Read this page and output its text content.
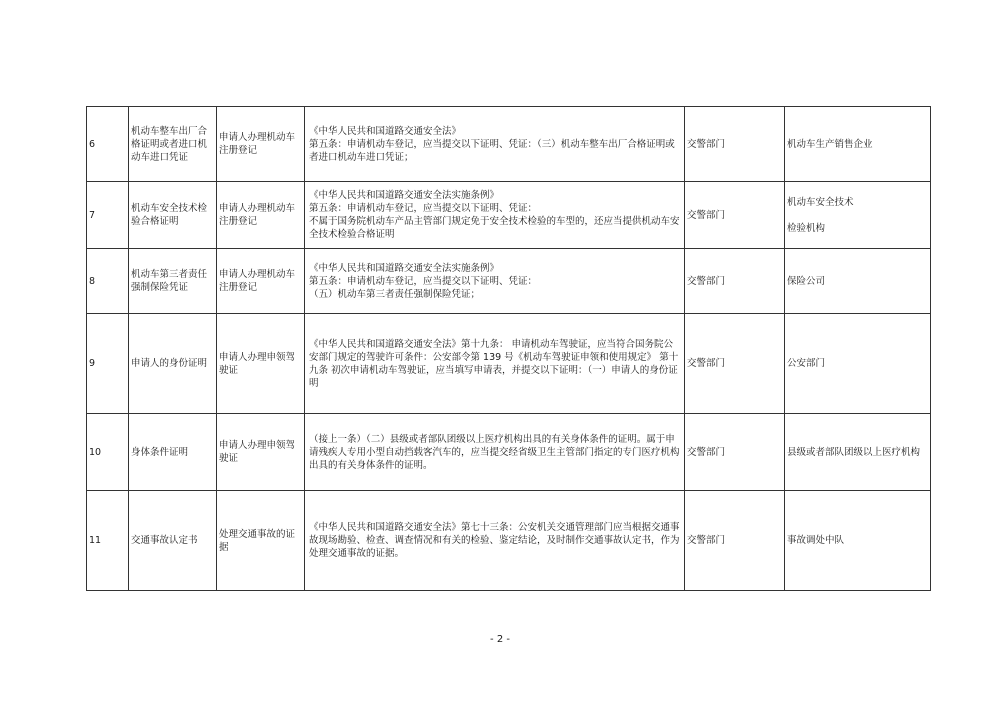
6	机动车整车出厂合格证明或者进口机动车进口凭证	申请人办理机动车注册登记	《中华人民共和国道路交通安全法》
第五条：申请机动车登记，应当提交以下证明、凭证：（三）机动车整车出厂合格证明或者进口机动车进口凭证；	交警部门	机动车生产销售企业

7	机动车安全技术检验合格证明	申请人办理机动车注册登记	《中华人民共和国道路交通安全法实施条例》
第五条：申请机动车登记，应当提交以下证明、凭证：
不属于国务院机动车产品主管部门规定免于安全技术检验的车型的，还应当提供机动车安全技术检验合格证明	交警部门	机动车安全技术
检验机构

8	机动车第三者责任强制保险凭证	申请人办理机动车注册登记	《中华人民共和国道路交通安全法实施条例》
第五条：申请机动车登记，应当提交以下证明、凭证：
（五）机动车第三者责任强制保险凭证；	交警部门	保险公司

9	申请人的身份证明	申请人办理申领驾驶证	《中华人民共和国道路交通安全法》第十九条： 申请机动车驾驶证，应当符合国务院公安部门规定的驾驶许可条件：公安部令第 139 号《机动车驾驶证申领和使用规定》 第十九条 初次申请机动车驾驶证，应当填写申请表，并提交以下证明：（一）申请人的身份证明	交警部门	公安部门

10	身体条件证明	申请人办理申领驾驶证	（接上一条）（二）县级或者部队团级以上医疗机构出具的有关身体条件的证明。属于申请残疾人专用小型自动挡载客汽车的，应当提交经省级卫生主管部门指定的专门医疗机构出具的有关身体条件的证明。	交警部门	县级或者部队团级以上医疗机构

11	交通事故认定书	处理交通事故的证据	《中华人民共和国道路交通安全法》第七十三条：公安机关交通管理部门应当根据交通事故现场勘验、检查、调查情况和有关的检验、鉴定结论，及时制作交通事故认定书，作为处理交通事故的证据。	交警部门	事故调处中队
- 2 -
